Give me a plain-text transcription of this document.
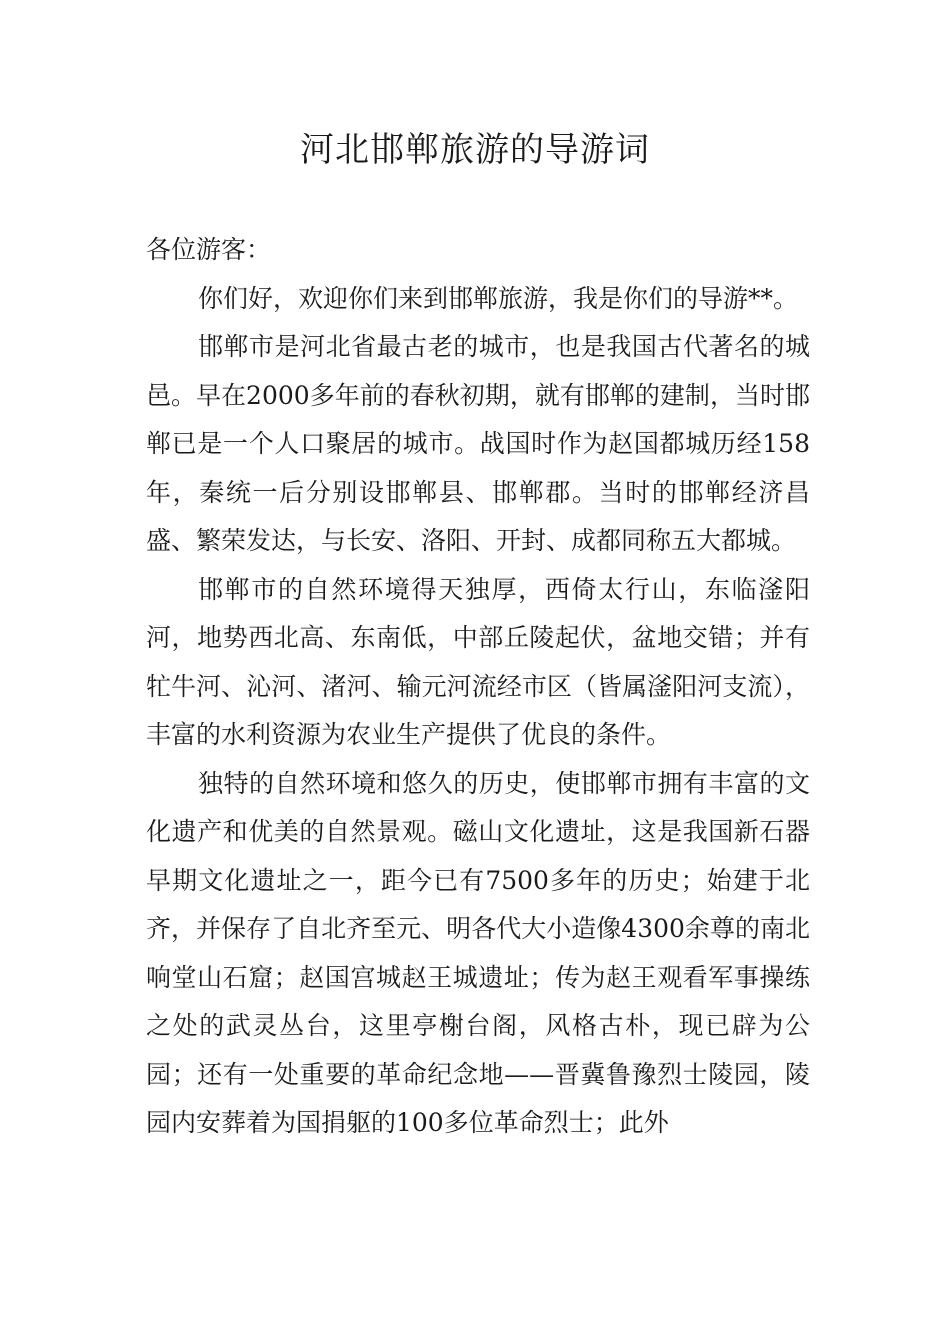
河北邯郸旅游的导游词

各位游客：

你们好，欢迎你们来到邯郸旅游，我是你们的导游**。

邯郸市是河北省最古老的城市，也是我国古代著名的城邑。早在2000多年前的春秋初期，就有邯郸的建制，当时邯郸已是一个人口聚居的城市。战国时作为赵国都城历经158年，秦统一后分别设邯郸县、邯郸郡。当时的邯郸经济昌盛、繁荣发达，与长安、洛阳、开封、成都同称五大都城。

邯郸市的自然环境得天独厚，西倚太行山，东临滏阳河，地势西北高、东南低，中部丘陵起伏，盆地交错；并有牤牛河、沁河、渚河、输元河流经市区（皆属滏阳河支流），丰富的水利资源为农业生产提供了优良的条件。

独特的自然环境和悠久的历史，使邯郸市拥有丰富的文化遗产和优美的自然景观。磁山文化遗址，这是我国新石器早期文化遗址之一，距今已有7500多年的历史；始建于北齐，并保存了自北齐至元、明各代大小造像4300余尊的南北响堂山石窟；赵国宫城赵王城遗址；传为赵王观看军事操练之处的武灵丛台，这里亭榭台阁，风格古朴，现已辟为公园；还有一处重要的革命纪念地——晋冀鲁豫烈士陵园，陵园内安葬着为国捐躯的100多位革命烈士；此外
